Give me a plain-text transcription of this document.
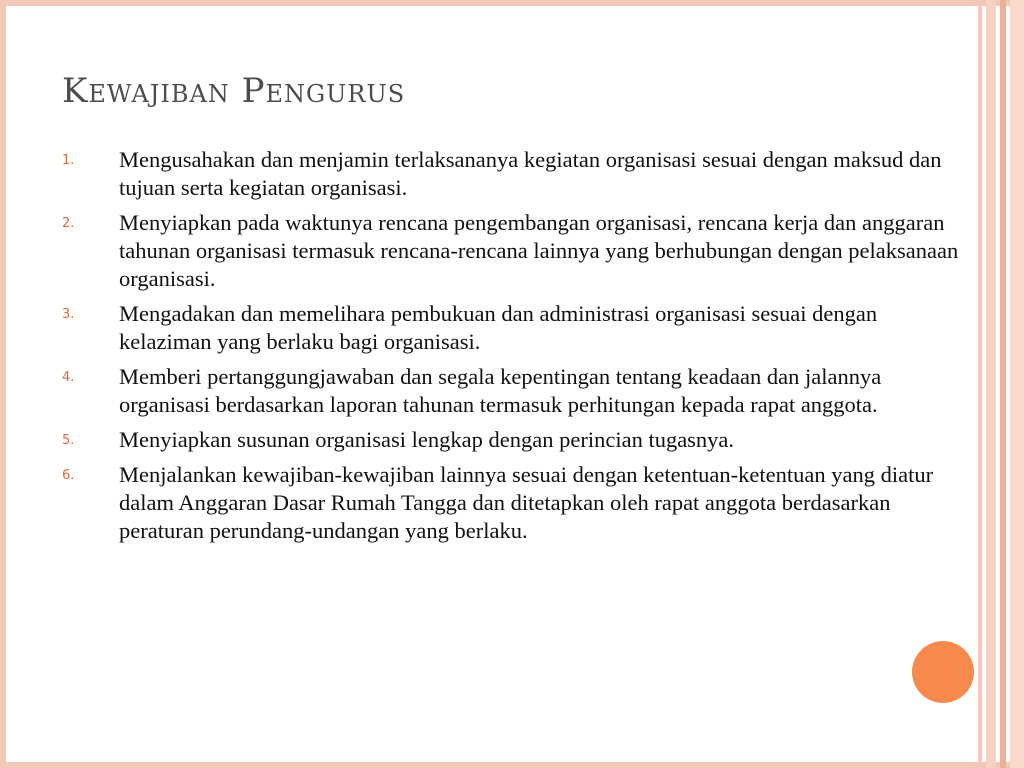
Kewajiban Pengurus
1.	Mengusahakan dan menjamin terlaksananya kegiatan organisasi sesuai dengan maksud dan tujuan serta kegiatan organisasi.
2.	Menyiapkan pada waktunya rencana pengembangan organisasi, rencana kerja dan anggaran tahunan organisasi termasuk rencana-rencana lainnya yang berhubungan dengan pelaksanaan organisasi.
3.	Mengadakan dan memelihara pembukuan dan administrasi organisasi sesuai dengan kelaziman yang berlaku bagi organisasi.
4.	Memberi pertanggungjawaban dan segala kepentingan tentang keadaan dan jalannya organisasi berdasarkan laporan tahunan termasuk perhitungan kepada rapat anggota.
5.	Menyiapkan susunan organisasi lengkap dengan perincian tugasnya.
6.	Menjalankan kewajiban-kewajiban lainnya sesuai dengan ketentuan-ketentuan yang diatur dalam Anggaran Dasar Rumah Tangga dan ditetapkan oleh rapat anggota berdasarkan peraturan perundang-undangan yang berlaku.
